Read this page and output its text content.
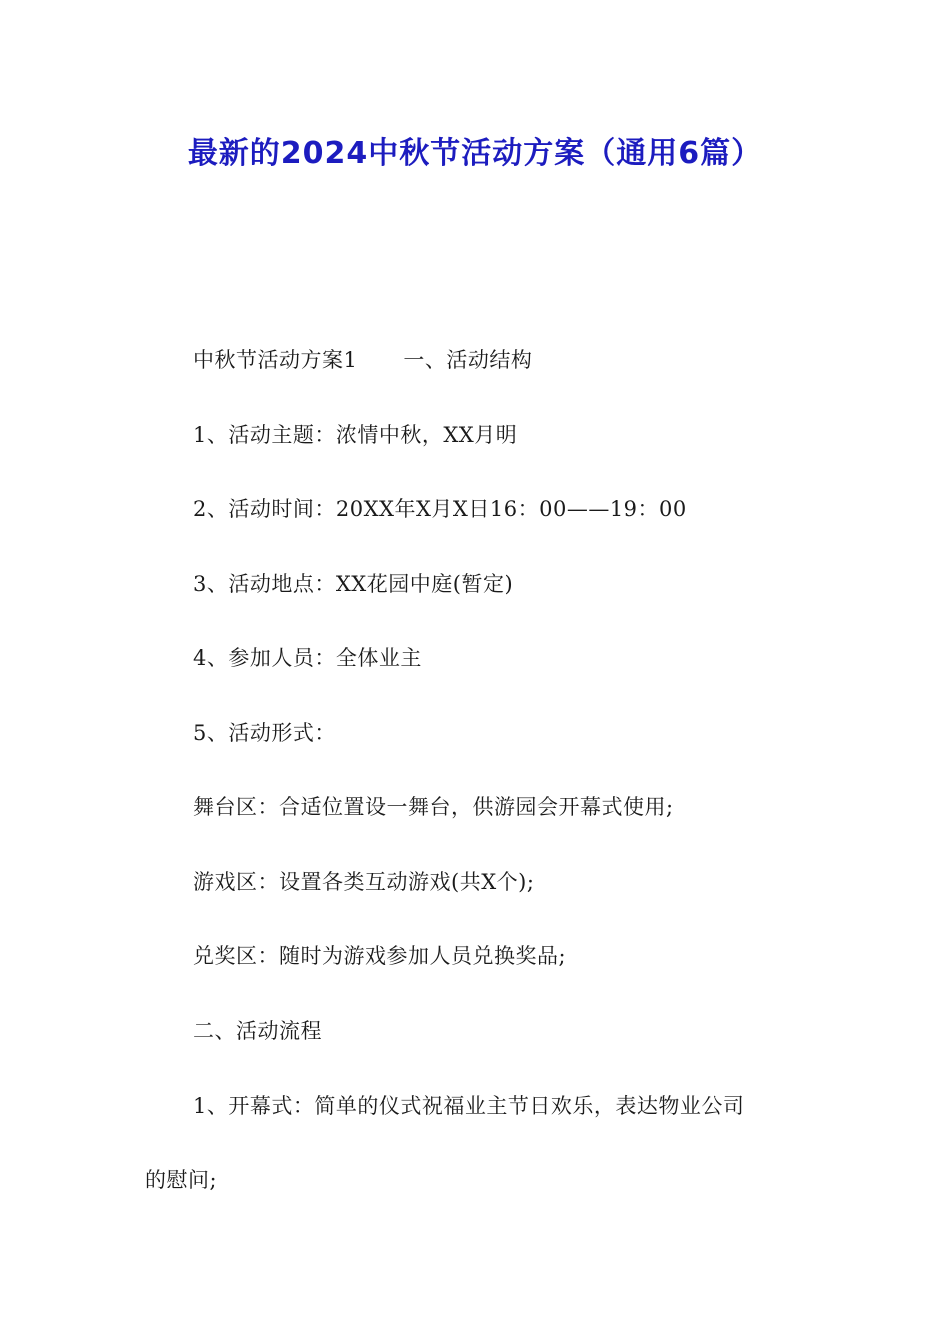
最新的2024中秋节活动方案（通用6篇）
中秋节活动方案1 一、活动结构
1、活动主题：浓情中秋，XX月明
2、活动时间：20XX年X月X日16：00——19：00
3、活动地点：XX花园中庭(暂定)
4、参加人员：全体业主
5、活动形式：
舞台区：合适位置设一舞台，供游园会开幕式使用;
游戏区：设置各类互动游戏(共X个);
兑奖区：随时为游戏参加人员兑换奖品;
二、活动流程
1、开幕式：简单的仪式祝福业主节日欢乐，表达物业公司
的慰问;
